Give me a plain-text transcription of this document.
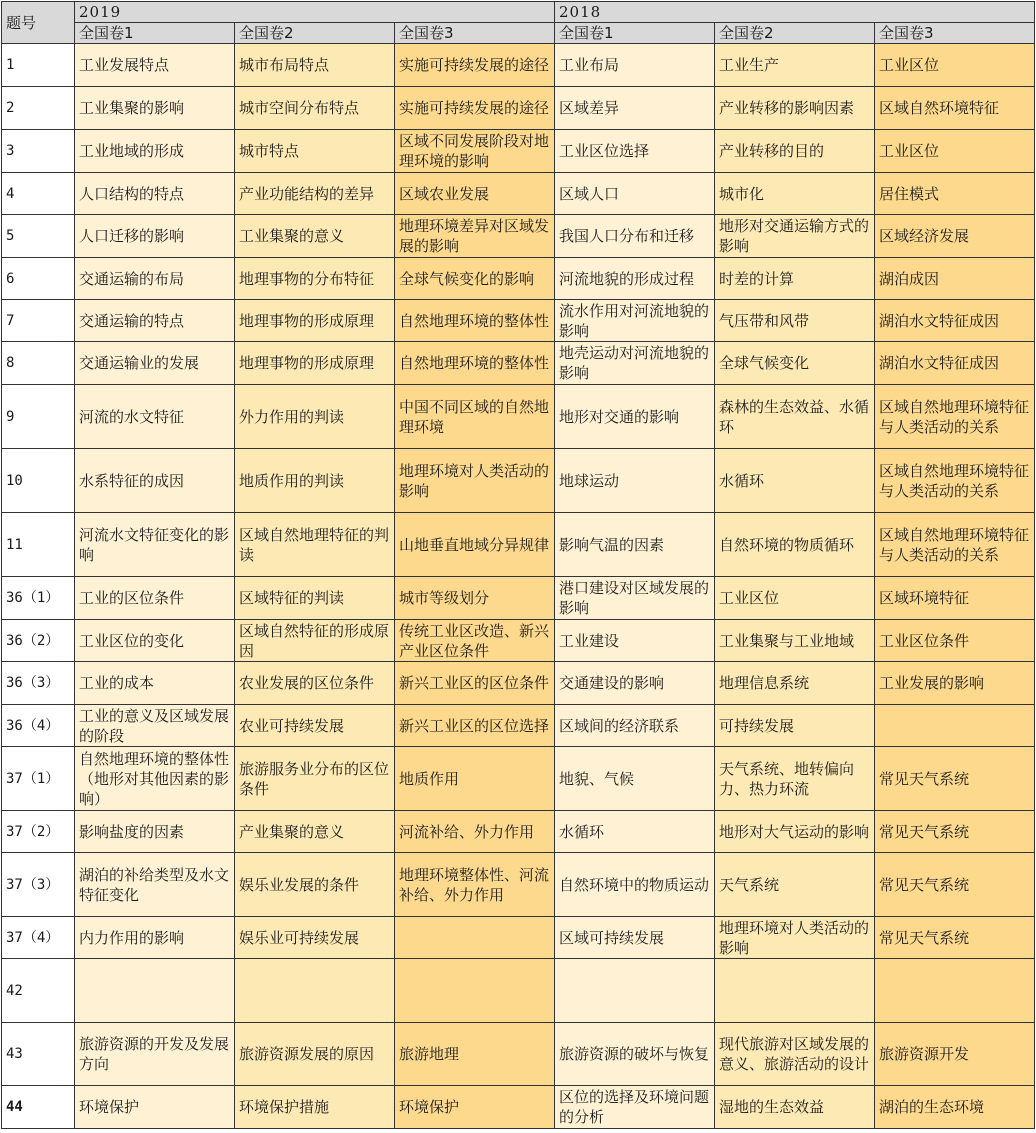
题号	2019			2018		
	全国卷1	全国卷2	全国卷3	全国卷1	全国卷2	全国卷3
1	工业发展特点	城市布局特点	实施可持续发展的途径	工业布局	工业生产	工业区位
2	工业集聚的影响	城市空间分布特点	实施可持续发展的途径	区域差异	产业转移的影响因素	区域自然环境特征
3	工业地域的形成	城市特点	区域不同发展阶段对地理环境的影响	工业区位选择	产业转移的目的	工业区位
4	人口结构的特点	产业功能结构的差异	区域农业发展	区域人口	城市化	居住模式
5	人口迁移的影响	工业集聚的意义	地理环境差异对区域发展的影响	我国人口分布和迁移	地形对交通运输方式的影响	区域经济发展
6	交通运输的布局	地理事物的分布特征	全球气候变化的影响	河流地貌的形成过程	时差的计算	湖泊成因
7	交通运输的特点	地理事物的形成原理	自然地理环境的整体性	流水作用对河流地貌的影响	气压带和风带	湖泊水文特征成因
8	交通运输业的发展	地理事物的形成原理	自然地理环境的整体性	地壳运动对河流地貌的影响	全球气候变化	湖泊水文特征成因
9	河流的水文特征	外力作用的判读	中国不同区域的自然地理环境	地形对交通的影响	森林的生态效益、水循环	区域自然地理环境特征与人类活动的关系
10	水系特征的成因	地质作用的判读	地理环境对人类活动的影响	地球运动	水循环	区域自然地理环境特征与人类活动的关系
11	河流水文特征变化的影响	区域自然地理特征的判读	山地垂直地域分异规律	影响气温的因素	自然环境的物质循环	区域自然地理环境特征与人类活动的关系
36（1）	工业的区位条件	区域特征的判读	城市等级划分	港口建设对区域发展的影响	工业区位	区域环境特征
36（2）	工业区位的变化	区域自然特征的形成原因	传统工业区改造、新兴产业区位条件	工业建设	工业集聚与工业地域	工业区位条件
36（3）	工业的成本	农业发展的区位条件	新兴工业区的区位条件	交通建设的影响	地理信息系统	工业发展的影响
36（4）	工业的意义及区域发展的阶段	农业可持续发展	新兴工业区的区位选择	区域间的经济联系	可持续发展	
37（1）	自然地理环境的整体性（地形对其他因素的影响）	旅游服务业分布的区位条件	地质作用	地貌、气候	天气系统、地转偏向力、热力环流	常见天气系统
37（2）	影响盐度的因素	产业集聚的意义	河流补给、外力作用	水循环	地形对大气运动的影响	常见天气系统
37（3）	湖泊的补给类型及水文特征变化	娱乐业发展的条件	地理环境整体性、河流补给、外力作用	自然环境中的物质运动	天气系统	常见天气系统
37（4）	内力作用的影响	娱乐业可持续发展		区域可持续发展	地理环境对人类活动的影响	常见天气系统
42						
43	旅游资源的开发及发展方向	旅游资源发展的原因	旅游地理	旅游资源的破坏与恢复	现代旅游对区域发展的意义、旅游活动的设计	旅游资源开发
44	环境保护	环境保护措施	环境保护	区位的选择及环境问题的分析	湿地的生态效益	湖泊的生态环境
